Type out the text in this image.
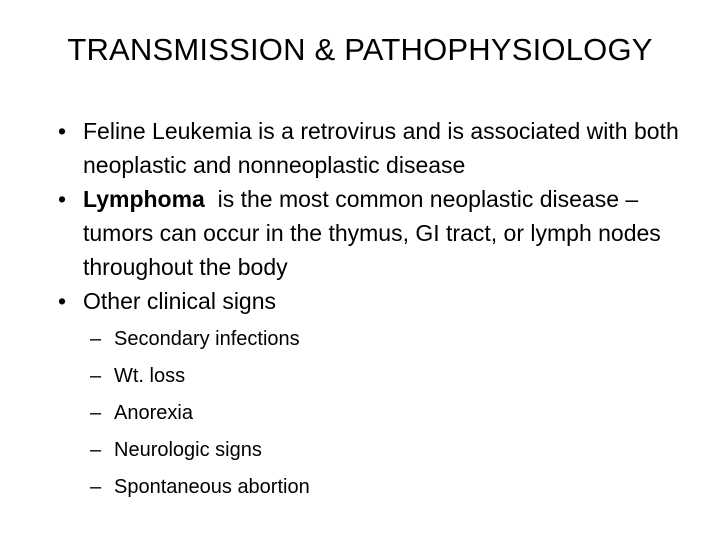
TRANSMISSION & PATHOPHYSIOLOGY
• Feline Leukemia is a retrovirus and is associated with both neoplastic and nonneoplastic disease
• Lymphoma  is the most common neoplastic disease – tumors can occur in the thymus, GI tract, or lymph nodes throughout the body
• Other clinical signs
– Secondary infections
– Wt. loss
– Anorexia
– Neurologic signs
– Spontaneous abortion
